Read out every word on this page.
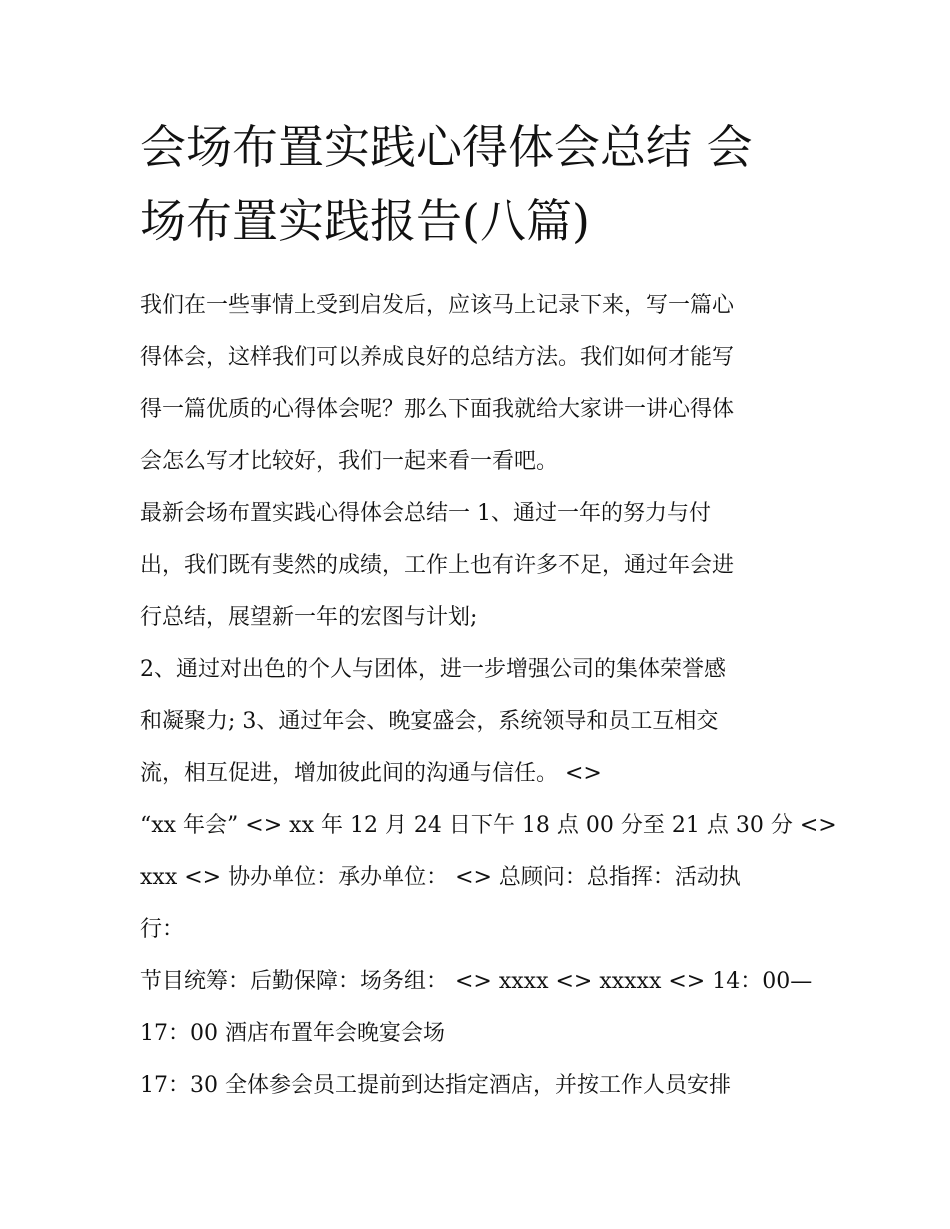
会场布置实践心得体会总结 会
场布置实践报告(八篇)

我们在一些事情上受到启发后，应该马上记录下来，写一篇心
得体会，这样我们可以养成良好的总结方法。我们如何才能写
得一篇优质的心得体会呢？那么下面我就给大家讲一讲心得体
会怎么写才比较好，我们一起来看一看吧。

最新会场布置实践心得体会总结一 1、通过一年的努力与付
出，我们既有斐然的成绩，工作上也有许多不足，通过年会进
行总结，展望新一年的宏图与计划;

2、通过对出色的个人与团体，进一步增强公司的集体荣誉感
和凝聚力; 3、通过年会、晚宴盛会，系统领导和员工互相交
流，相互促进，增加彼此间的沟通与信任。 <>

“xx 年会” <> xx 年 12 月 24 日下午 18 点 00 分至 21 点 30 分 <>
xxx <> 协办单位：承办单位： <> 总顾问：总指挥：活动执
行：

节目统筹：后勤保障：场务组： <> xxxx <> xxxxx <> 14：00—
17：00 酒店布置年会晚宴会场

17：30 全体参会员工提前到达指定酒店，并按工作人员安排
